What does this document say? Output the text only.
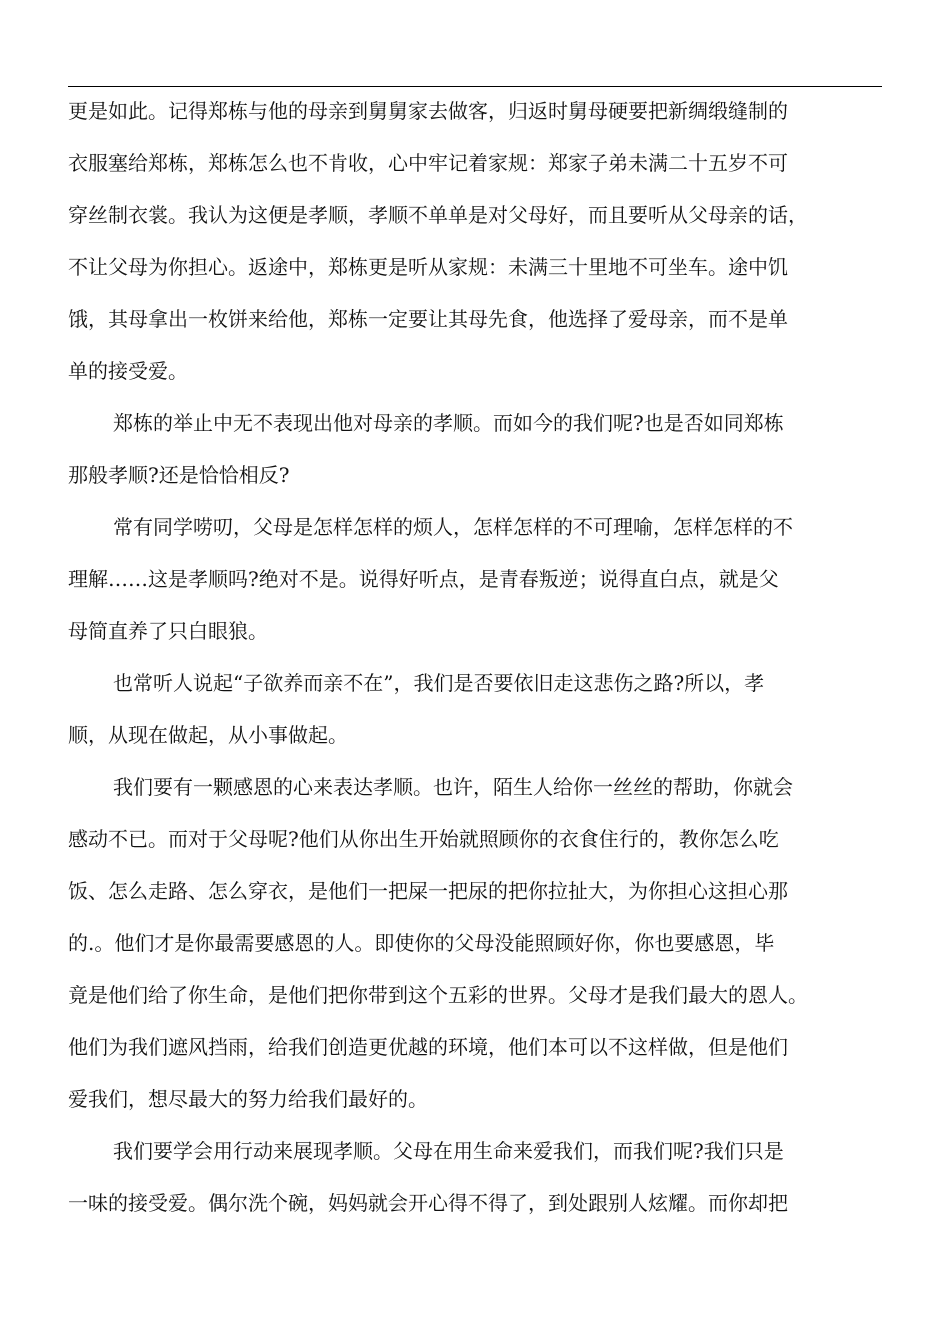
更是如此。记得郑栋与他的母亲到舅舅家去做客，归返时舅母硬要把新绸缎缝制的
衣服塞给郑栋，郑栋怎么也不肯收，心中牢记着家规：郑家子弟未满二十五岁不可
穿丝制衣裳。我认为这便是孝顺，孝顺不单单是对父母好，而且要听从父母亲的话，
不让父母为你担心。返途中，郑栋更是听从家规：未满三十里地不可坐车。途中饥
饿，其母拿出一枚饼来给他，郑栋一定要让其母先食，他选择了爱母亲，而不是单
单的接受爱。
郑栋的举止中无不表现出他对母亲的孝顺。而如今的我们呢?也是否如同郑栋
那般孝顺?还是恰恰相反?
常有同学唠叨，父母是怎样怎样的烦人，怎样怎样的不可理喻，怎样怎样的不
理解……这是孝顺吗?绝对不是。说得好听点，是青春叛逆；说得直白点，就是父
母简直养了只白眼狼。
也常听人说起“子欲养而亲不在”，我们是否要依旧走这悲伤之路?所以，孝
顺，从现在做起，从小事做起。
我们要有一颗感恩的心来表达孝顺。也许，陌生人给你一丝丝的帮助，你就会
感动不已。而对于父母呢?他们从你出生开始就照顾你的衣食住行的，教你怎么吃
饭、怎么走路、怎么穿衣，是他们一把屎一把尿的把你拉扯大，为你担心这担心那
的.。他们才是你最需要感恩的人。即使你的父母没能照顾好你，你也要感恩，毕
竟是他们给了你生命，是他们把你带到这个五彩的世界。父母才是我们最大的恩人。
他们为我们遮风挡雨，给我们创造更优越的环境，他们本可以不这样做，但是他们
爱我们，想尽最大的努力给我们最好的。
我们要学会用行动来展现孝顺。父母在用生命来爱我们，而我们呢?我们只是
一味的接受爱。偶尔洗个碗，妈妈就会开心得不得了，到处跟别人炫耀。而你却把
